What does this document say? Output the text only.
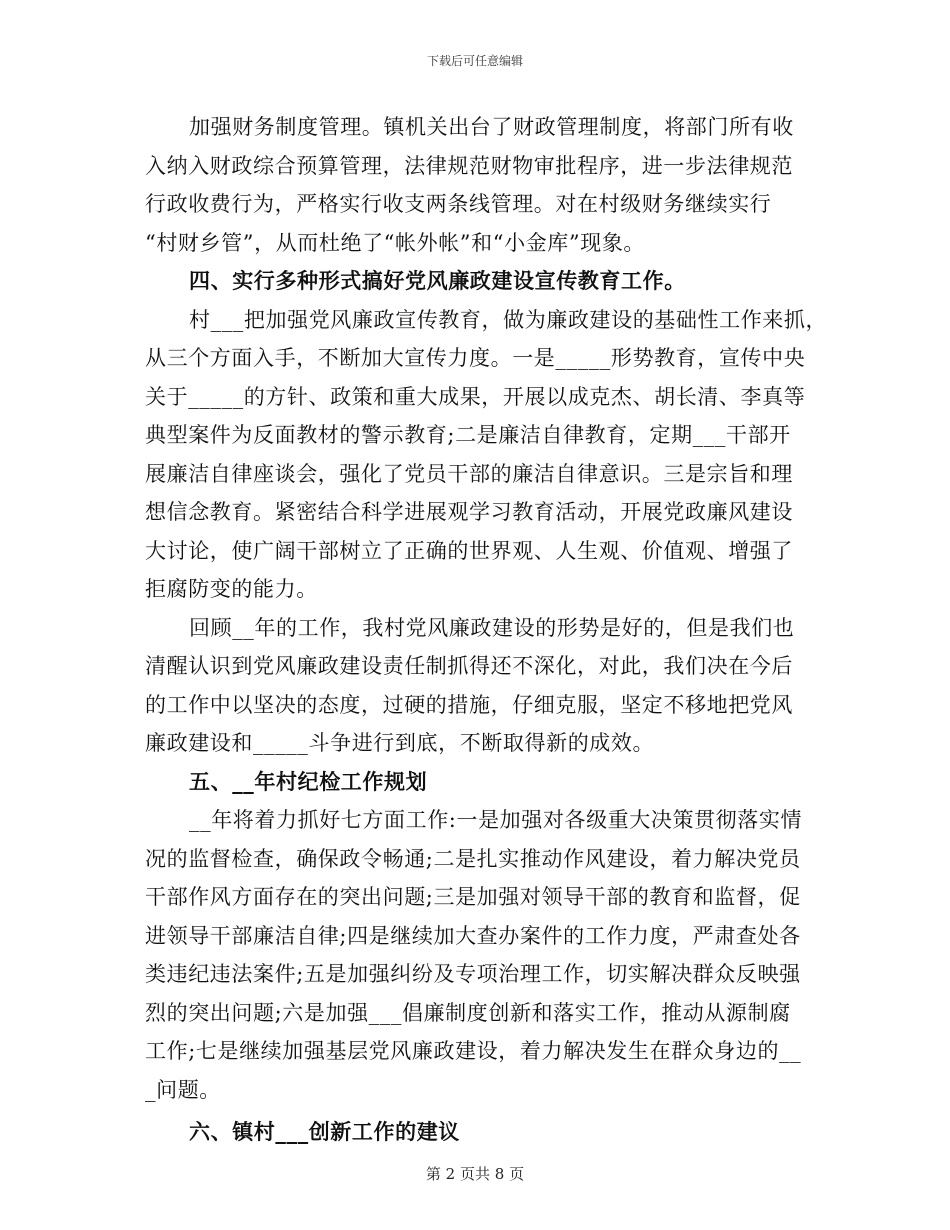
下载后可任意编辑
加强财务制度管理。镇机关出台了财政管理制度，将部门所有收
入纳入财政综合预算管理，法律规范财物审批程序，进一步法律规范
行政收费行为，严格实行收支两条线管理。对在村级财务继续实行
“村财乡管”，从而杜绝了“帐外帐”和“小金库”现象。
四、实行多种形式搞好党风廉政建设宣传教育工作。
村___把加强党风廉政宣传教育，做为廉政建设的基础性工作来抓，
从三个方面入手，不断加大宣传力度。一是_____形势教育，宣传中央
关于_____的方针、政策和重大成果，开展以成克杰、胡长清、李真等
典型案件为反面教材的警示教育;二是廉洁自律教育，定期___干部开
展廉洁自律座谈会，强化了党员干部的廉洁自律意识。三是宗旨和理
想信念教育。紧密结合科学进展观学习教育活动，开展党政廉风建设
大讨论，使广阔干部树立了正确的世界观、人生观、价值观、增强了
拒腐防变的能力。
回顾__年的工作，我村党风廉政建设的形势是好的，但是我们也
清醒认识到党风廉政建设责任制抓得还不深化，对此，我们决在今后
的工作中以坚决的态度，过硬的措施，仔细克服，坚定不移地把党风
廉政建设和_____斗争进行到底，不断取得新的成效。
五、__年村纪检工作规划
__年将着力抓好七方面工作:一是加强对各级重大决策贯彻落实情
况的监督检查，确保政令畅通;二是扎实推动作风建设，着力解决党员
干部作风方面存在的突出问题;三是加强对领导干部的教育和监督，促
进领导干部廉洁自律;四是继续加大查办案件的工作力度，严肃查处各
类违纪违法案件;五是加强纠纷及专项治理工作，切实解决群众反映强
烈的突出问题;六是加强___倡廉制度创新和落实工作，推动从源制腐
工作;七是继续加强基层党风廉政建设，着力解决发生在群众身边的__
_问题。
六、镇村___创新工作的建议
第 2 页共 8 页
